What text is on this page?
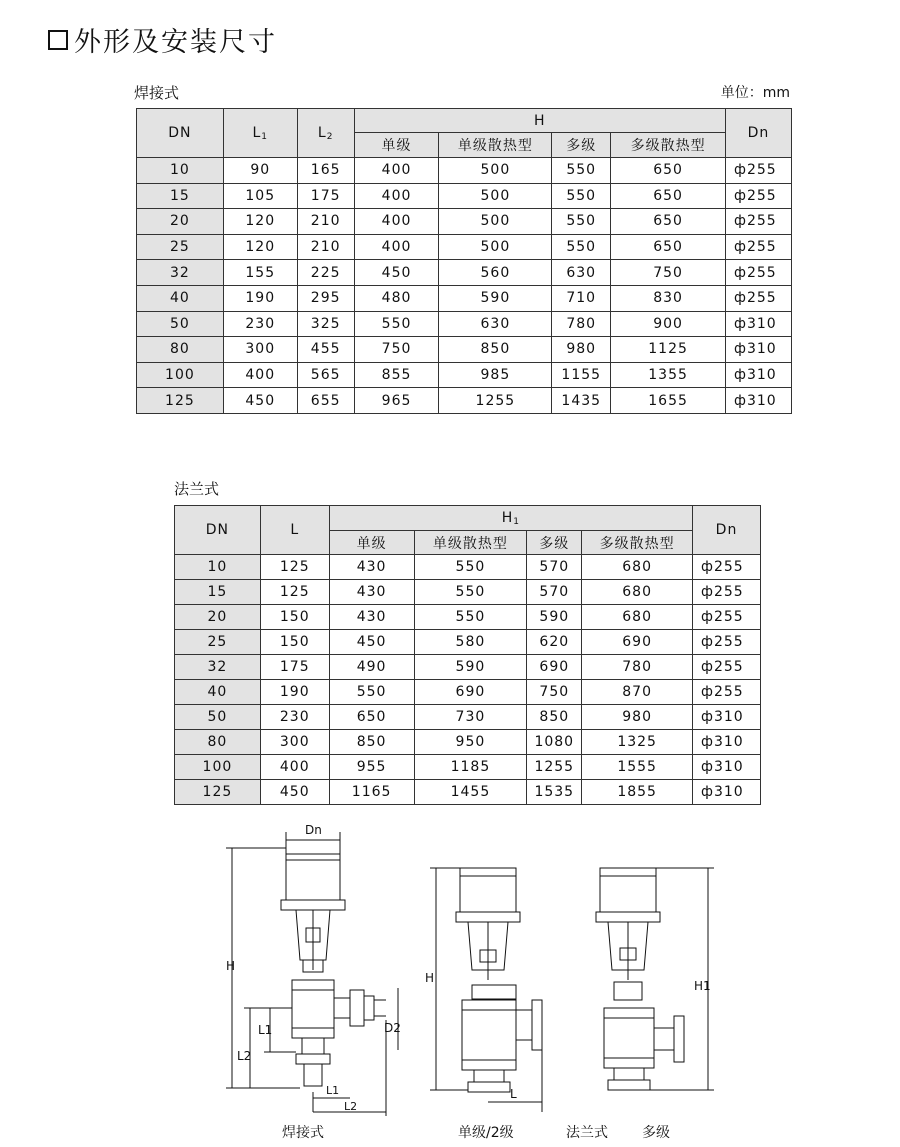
外形及安装尺寸
焊接式	单位：mm
DN	$L_1$	$L_2$	H				Dn
			单级	单级散热型	多级	多级散热型	
10	90	165	400	500	550	650	ф255
15	105	175	400	500	550	650	ф255
20	120	210	400	500	550	650	ф255
25	120	210	400	500	550	650	ф255
32	155	225	450	560	630	750	ф255
40	190	295	480	590	710	830	ф255
50	230	325	550	630	780	900	ф310
80	300	455	750	850	980	1125	ф310
100	400	565	855	985	1155	1355	ф310
125	450	655	965	1255	1435	1655	ф310
法兰式
DN	L	$H_1$				Dn
		单级	单级散热型	多级	多级散热型	
10	125	430	550	570	680	ф255
15	125	430	550	570	680	ф255
20	150	430	550	590	680	ф255
25	150	450	580	620	690	ф255
32	175	490	590	690	780	ф255
40	190	550	690	750	870	ф255
50	230	650	730	850	980	ф310
80	300	850	950	1080	1325	ф310
100	400	955	1185	1255	1555	ф310
125	450	1165	1455	1535	1855	ф310
Dn
H
L2
L1	D2
L1
L2
H
L
H1
焊接式	单级/2级	法兰式 多级
